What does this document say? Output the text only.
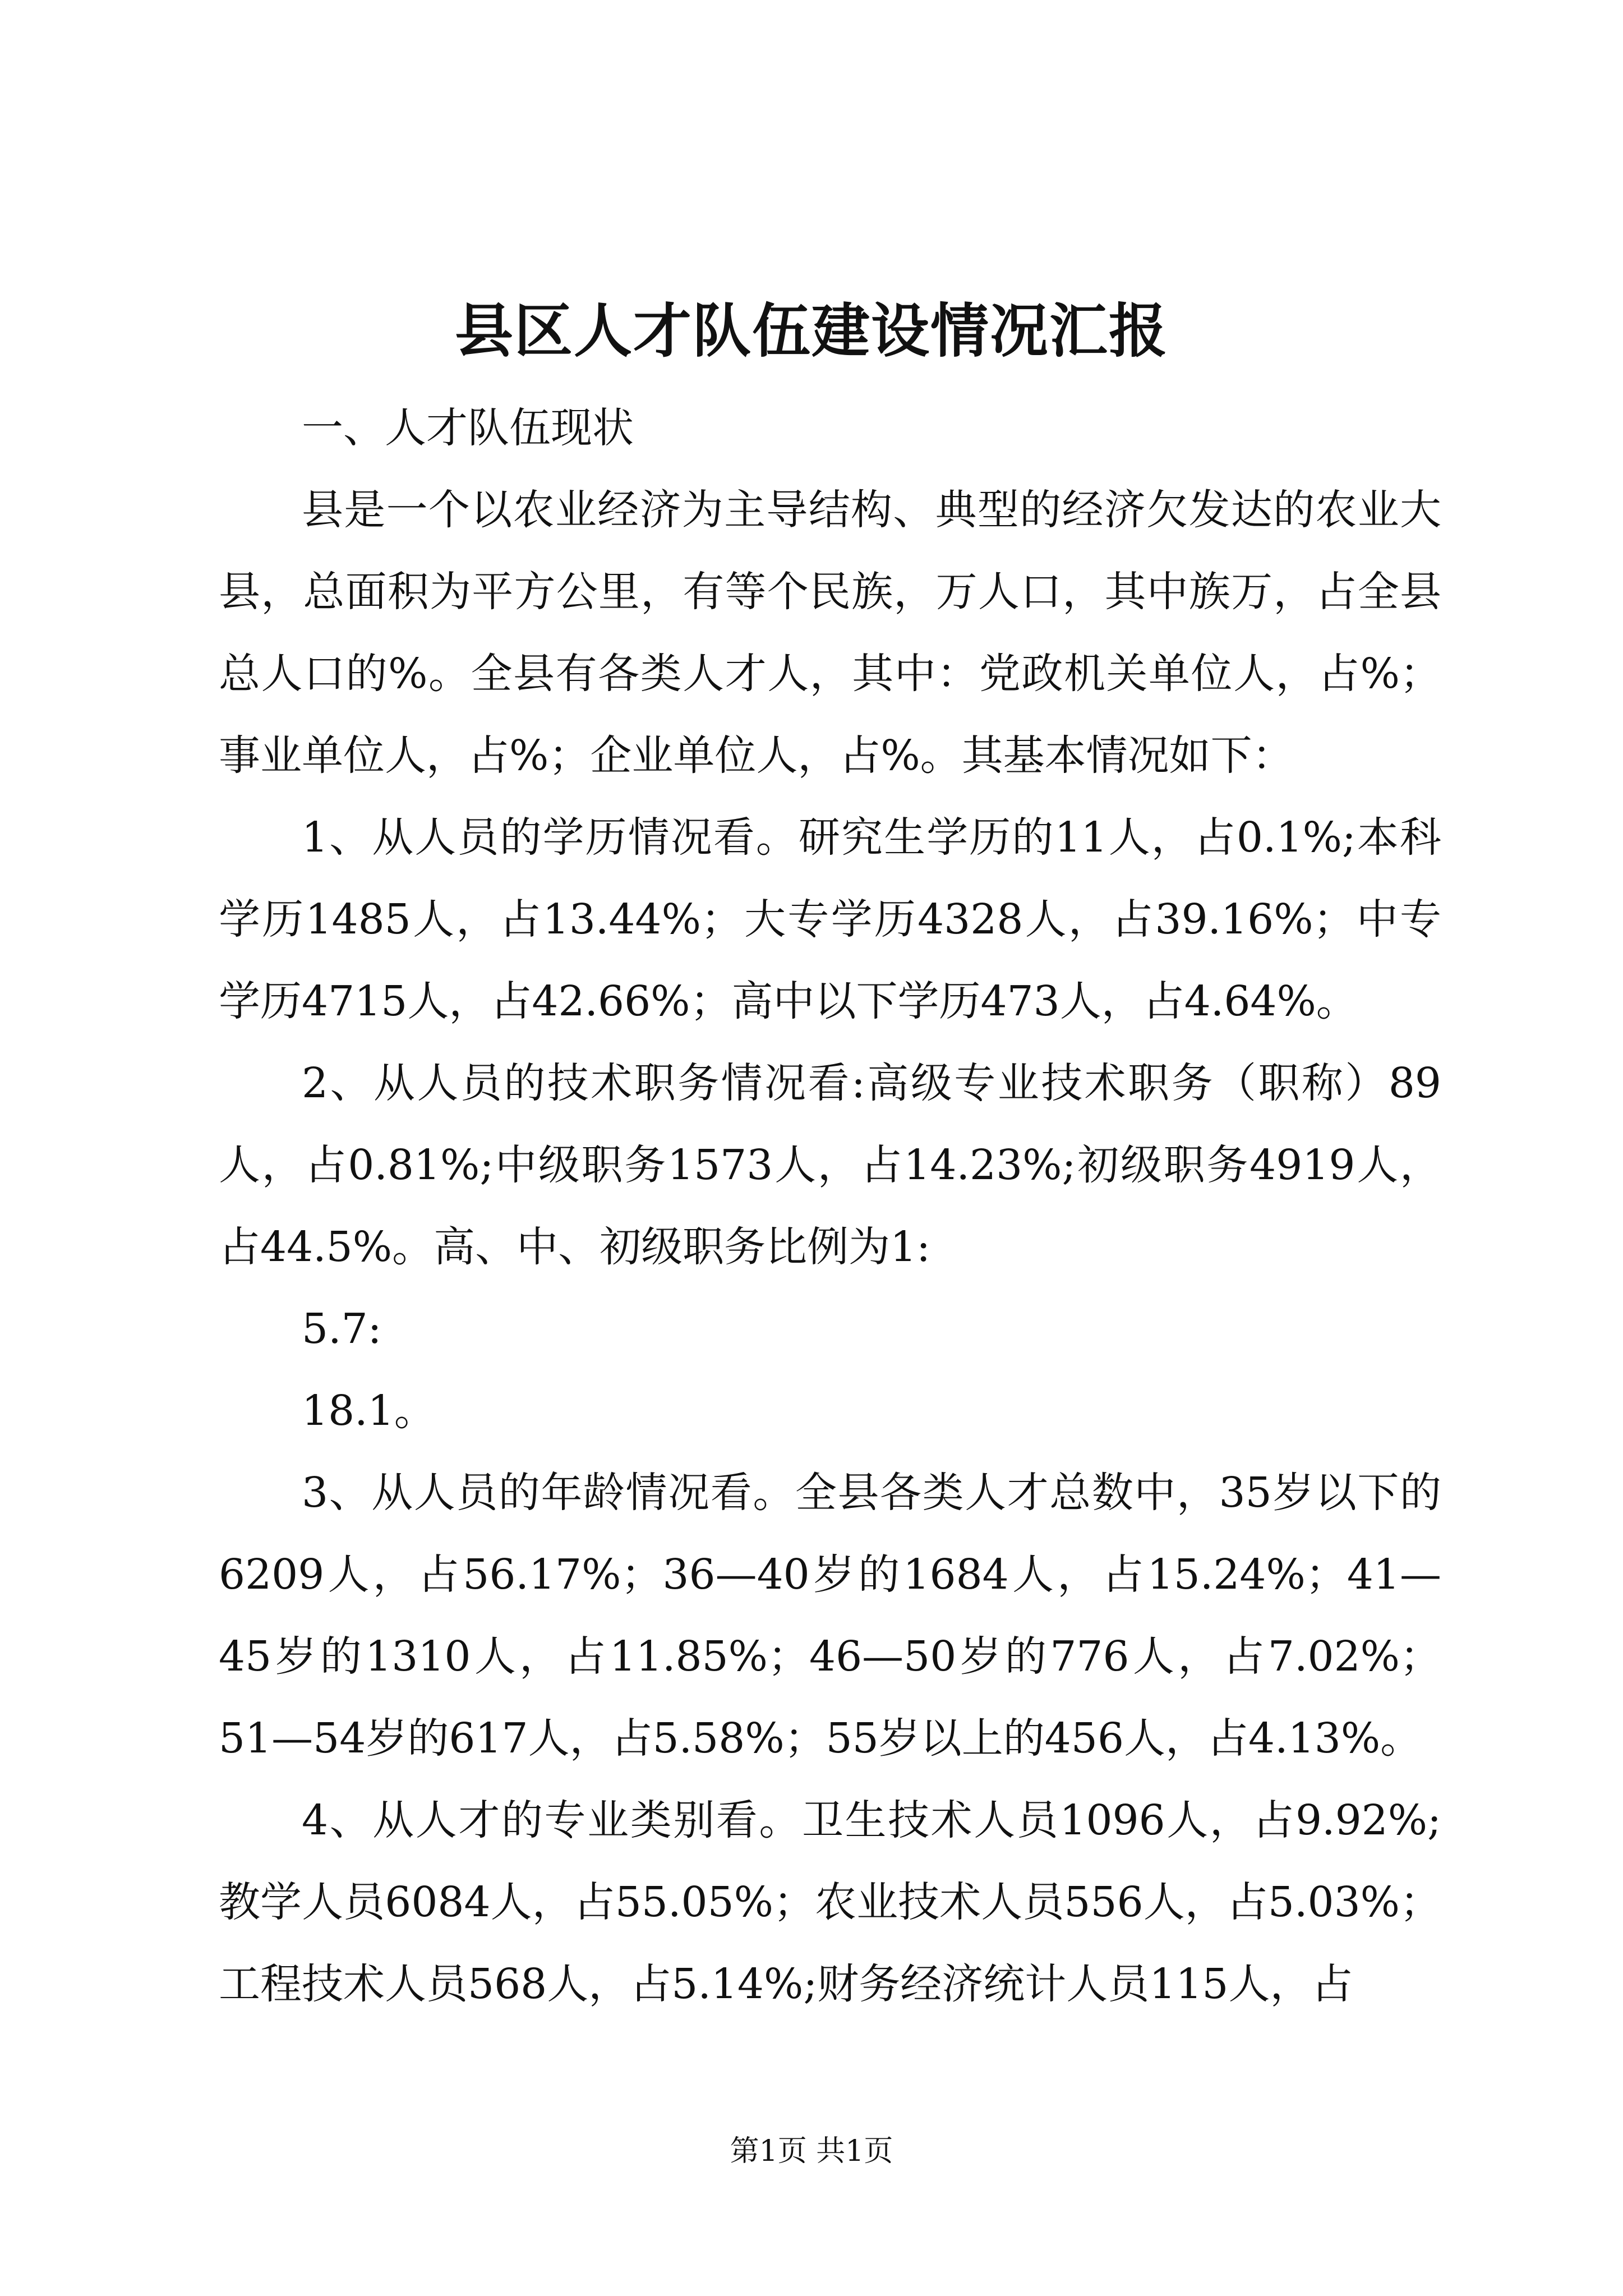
县区人才队伍建设情况汇报

一、人才队伍现状

县是一个以农业经济为主导结构、典型的经济欠发达的农业大县，总面积为平方公里，有等个民族，万人口，其中族万，占全县总人口的%。全县有各类人才人，其中：党政机关单位人，占%；事业单位人，占%；企业单位人，占%。其基本情况如下：

1、从人员的学历情况看。研究生学历的11人，占0.1%;本科学历1485人，占13.44%；大专学历4328人，占39.16%；中专学历4715人，占42.66%；高中以下学历473人，占4.64%。

2、从人员的技术职务情况看:高级专业技术职务（职称）89人，占0.81%;中级职务1573人，占14.23%;初级职务4919人，占44.5%。高、中、初级职务比例为1:

5.7:

18.1。

3、从人员的年龄情况看。全县各类人才总数中，35岁以下的6209人，占56.17%；36—40岁的1684人，占15.24%；41—45岁的1310人，占11.85%；46—50岁的776人，占7.02%；51—54岁的617人，占5.58%；55岁以上的456人，占4.13%。

4、从人才的专业类别看。卫生技术人员1096人，占9.92%;教学人员6084人，占55.05%；农业技术人员556人，占5.03%；工程技术人员568人，占5.14%;财务经济统计人员115人，占

第1页 共1页
